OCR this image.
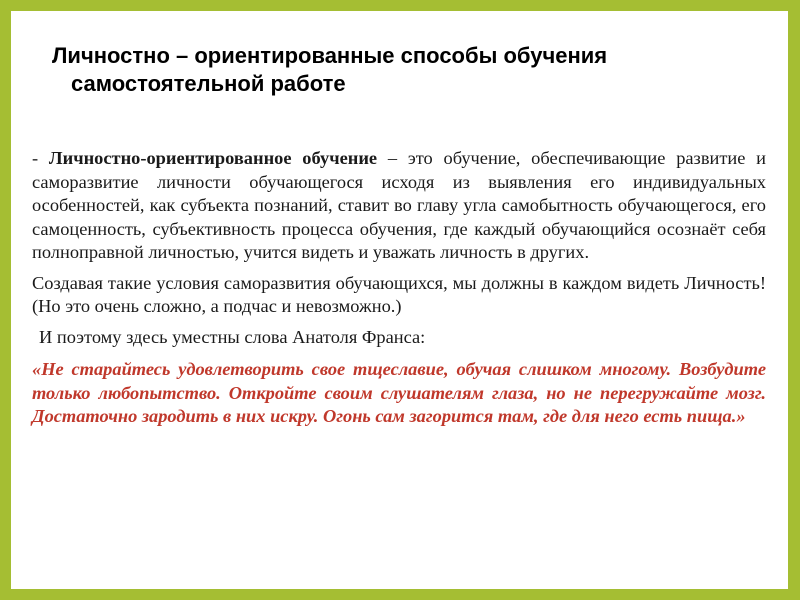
Личностно – ориентированные способы обучения
самостоятельной работе

- Личностно-ориентированное обучение – это обучение, обеспечивающие развитие и саморазвитие личности обучающегося исходя из выявления его индивидуальных особенностей, как субъекта познаний, ставит во главу угла самобытность обучающегося, его самоценность, субъективность процесса обучения, где каждый обучающийся осознаёт себя полноправной личностью, учится видеть и уважать личность в других.

Создавая такие условия саморазвития обучающихся, мы должны в каждом видеть Личность! (Но это очень сложно, а подчас и невозможно.)

И поэтому здесь уместны слова Анатоля Франса:

«Не старайтесь удовлетворить свое тщеславие, обучая слишком многому. Возбудите только любопытство. Откройте своим слушателям глаза, но не перегружайте мозг. Достаточно зародить в них искру. Огонь сам загорится там, где для него есть пища.»
